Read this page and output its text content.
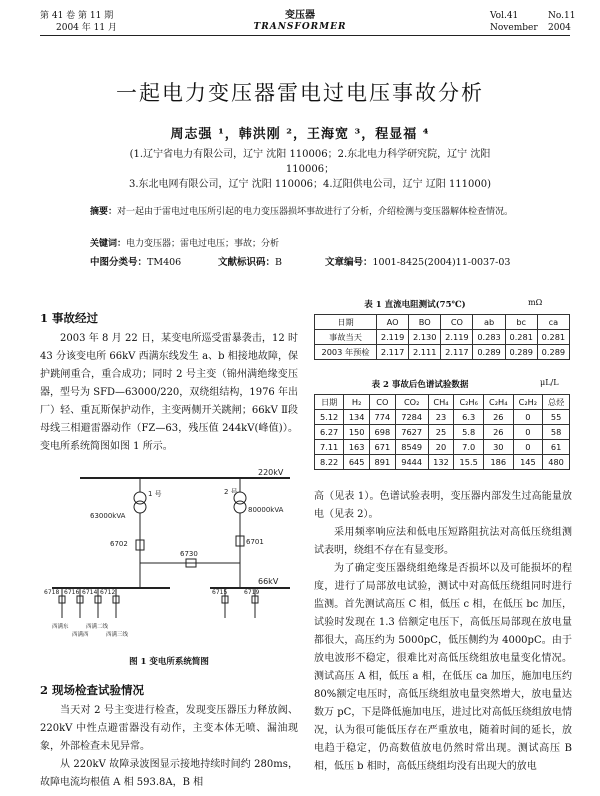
第 41 卷 第 11 期
2004 年 11 月
变压器
TRANSFORMER
Vol.41	No.11
November 2004
一起电力变压器雷电过电压事故分析
周志强 ¹，韩洪刚 ²，王海宽 ³，程显福 ⁴
(1.辽宁省电力有限公司，辽宁 沈阳 110006；2.东北电力科学研究院，辽宁 沈阳 110006；
3.东北电网有限公司，辽宁 沈阳 110006；4.辽阳供电公司，辽宁 辽阳 111000)
摘要：对一起由于雷电过电压所引起的电力变压器损坏事故进行了分析，介绍检测与变压器解体检查情况。
关键词：电力变压器；雷电过电压；事故；分析
中图分类号：TM406	文献标识码：B	文章编号：1001-8425(2004)11-0037-03
1 事故经过

2003 年 8 月 22 日，某变电所巡受雷暴袭击，12 时 43 分该变电所 66kV 西满东线发生 a、b 相接地故障，保护跳闸重合，重合成功；同时 2 号主变（锦州满绝缘变压器，型号为 SFD—63000/220，双绕组结构，1976 年出厂）轻、重瓦斯保护动作，主变两侧开关跳闸；66kV Ⅱ段母线三相避雷器动作（FZ—63，残压值 244kV(峰值)）。变电所系统简图如图 1 所示。

220kV
1 号
63000kVA
2 号
80000kVA
6702	6701
6730
66kV
6718 6716 6714 6712	6715	6719
西满东
西满西
西满二线
西满三线
图 1 变电所系统简图
2 现场检查试验情况

当天对 2 号主变进行检查，发现变压器压力释放阀、220kV 中性点避雷器没有动作，主变本体无喷、漏油现象，外部检查未见异常。

从 220kV 故障录波图显示接地持续时间约 280ms，故障电流均根值 A 相 593.8A，B 相

表 1 直流电阻测试(75℃)	mΩ
日期	AO	BO	CO	ab	bc	ca
事故当天	2.119	2.130	2.119	0.283	0.281	0.281
2003 年预检	2.117	2.111	2.117	0.289	0.289	0.289
表 2 事故后色谱试验数据	μL/L
日期	H₂	CO	CO₂	CH₄	C₂H₆	C₂H₄	C₂H₂	总烃
5.12	134	774	7284	23	6.3	26	0	55
6.27	150	698	7627	25	5.8	26	0	58
7.11	163	671	8549	20	7.0	30	0	61
8.22	645	891	9444	132	15.5	186	145	480

高（见表 1）。色谱试验表明，变压器内部发生过高能量放电（见表 2）。

采用频率响应法和低电压短路阻抗法对高低压绕组测试表明，绕组不存在有显变形。

为了确定变压器绕组绝缘是否损坏以及可能损坏的程度，进行了局部放电试验，测试中对高低压绕组同时进行监测。首先测试高压 C 相，低压 c 相，在低压 bc 加压，试验时发现在 1.3 倍额定电压下，高低压局部现在放电量都很大，高压约为 5000pC，低压侧约为 4000pC。由于放电波形不稳定，很难比对高低压绕组放电量变化情况。测试高压 A 相，低压 a 相，在低压 ca 加压，施加电压约 80%额定电压时，高低压绕组放电量突然增大，放电量达数万 pC，下是降低施加电压，进过比对高低压绕组放电情况，认为很可能低压存在严重放电，随着时间的延长，放电趋于稳定，仍高数值放电仍然时常出现。测试高压 B 相，低压 b 相时，高低压绕组均没有出现大的放电
